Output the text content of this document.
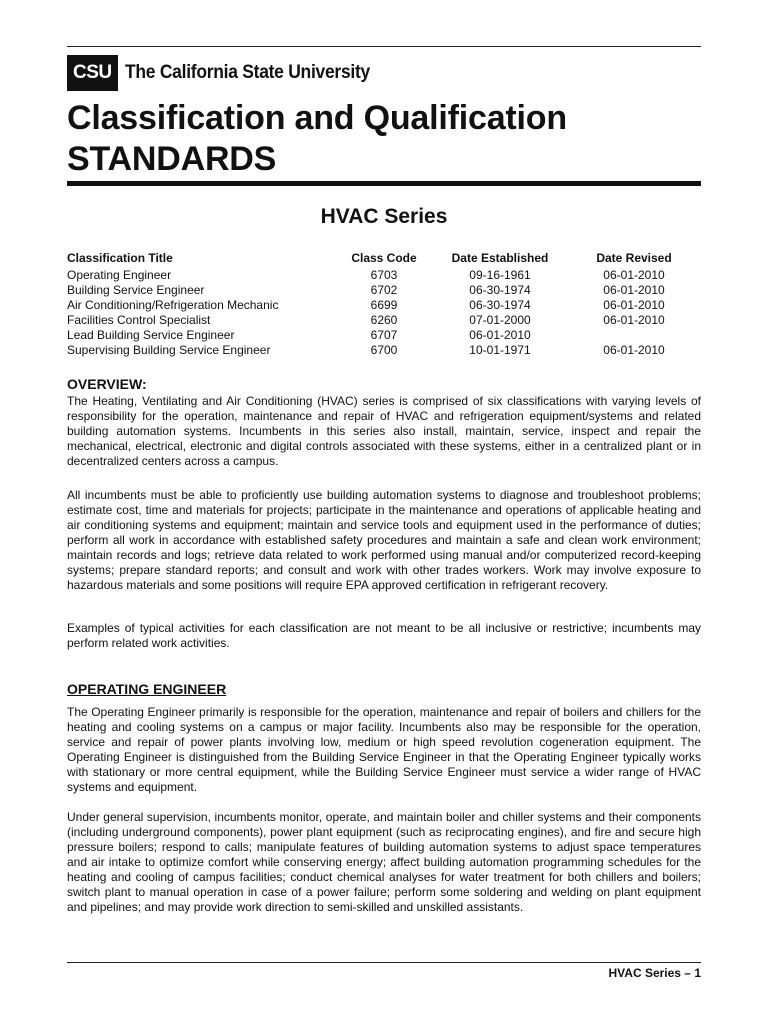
CSU The California State University
Classification and Qualification
STANDARDS
HVAC Series
Classification Title	Class Code	Date Established	Date Revised
Operating Engineer	6703	09-16-1961	06-01-2010
Building Service Engineer	6702	06-30-1974	06-01-2010
Air Conditioning/Refrigeration Mechanic	6699	06-30-1974	06-01-2010
Facilities Control Specialist	6260	07-01-2000	06-01-2010
Lead Building Service Engineer	6707	06-01-2010	
Supervising Building Service Engineer	6700	10-01-1971	06-01-2010
OVERVIEW:

The Heating, Ventilating and Air Conditioning (HVAC) series is comprised of six classifications with varying levels of responsibility for the operation, maintenance and repair of HVAC and refrigeration equipment/systems and related building automation systems. Incumbents in this series also install, maintain, service, inspect and repair the mechanical, electrical, electronic and digital controls associated with these systems, either in a centralized plant or in decentralized centers across a campus.

All incumbents must be able to proficiently use building automation systems to diagnose and troubleshoot problems; estimate cost, time and materials for projects; participate in the maintenance and operations of applicable heating and air conditioning systems and equipment; maintain and service tools and equipment used in the performance of duties; perform all work in accordance with established safety procedures and maintain a safe and clean work environment; maintain records and logs; retrieve data related to work performed using manual and/or computerized record-keeping systems; prepare standard reports; and consult and work with other trades workers. Work may involve exposure to hazardous materials and some positions will require EPA approved certification in refrigerant recovery.

Examples of typical activities for each classification are not meant to be all inclusive or restrictive; incumbents may perform related work activities.

OPERATING ENGINEER

The Operating Engineer primarily is responsible for the operation, maintenance and repair of boilers and chillers for the heating and cooling systems on a campus or major facility. Incumbents also may be responsible for the operation, service and repair of power plants involving low, medium or high speed revolution cogeneration equipment. The Operating Engineer is distinguished from the Building Service Engineer in that the Operating Engineer typically works with stationary or more central equipment, while the Building Service Engineer must service a wider range of HVAC systems and equipment.

Under general supervision, incumbents monitor, operate, and maintain boiler and chiller systems and their components (including underground components), power plant equipment (such as reciprocating engines), and fire and secure high pressure boilers; respond to calls; manipulate features of building automation systems to adjust space temperatures and air intake to optimize comfort while conserving energy; affect building automation programming schedules for the heating and cooling of campus facilities; conduct chemical analyses for water treatment for both chillers and boilers; switch plant to manual operation in case of a power failure; perform some soldering and welding on plant equipment and pipelines; and may provide work direction to semi-skilled and unskilled assistants.

HVAC Series – 1
